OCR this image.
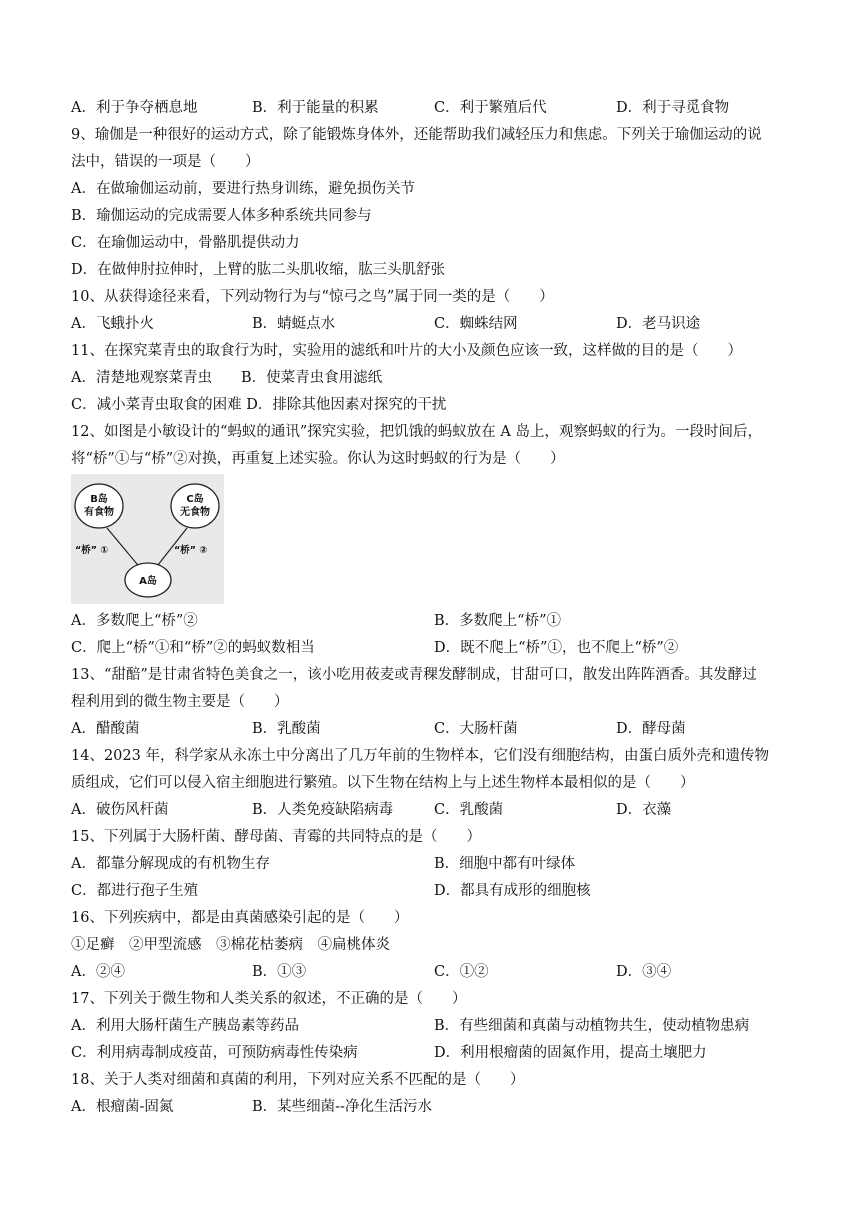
A．利于争夺栖息地	B．利于能量的积累	C．利于繁殖后代	D．利于寻觅食物
9、瑜伽是一种很好的运动方式，除了能锻炼身体外，还能帮助我们减轻压力和焦虑。下列关于瑜伽运动的说
法中，错误的一项是（　　）
A．在做瑜伽运动前，要进行热身训练，避免损伤关节
B．瑜伽运动的完成需要人体多种系统共同参与
C．在瑜伽运动中，骨骼肌提供动力
D．在做伸肘拉伸时，上臂的肱二头肌收缩，肱三头肌舒张
10、从获得途径来看，下列动物行为与“惊弓之鸟”属于同一类的是（　　）
A．飞蛾扑火	B．蜻蜓点水	C．蜘蛛结网	D．老马识途
11、在探究菜青虫的取食行为时，实验用的滤纸和叶片的大小及颜色应该一致，这样做的目的是（　　）
A．清楚地观察菜青虫　　B．使菜青虫食用滤纸
C．减小菜青虫取食的困难 D．排除其他因素对探究的干扰
12、如图是小敏设计的“蚂蚁的通讯”探究实验，把饥饿的蚂蚁放在 A 岛上，观察蚂蚁的行为。一段时间后，
将“桥”①与“桥”②对换，再重复上述实验。你认为这时蚂蚁的行为是（　　）
B岛
有食物
C岛
无食物
A岛
“桥” ①	“桥” ②
A．多数爬上“桥”②	B．多数爬上“桥”①
C．爬上“桥”①和“桥”②的蚂蚁数相当	D．既不爬上“桥”①，也不爬上“桥”②
13、“甜醅”是甘肃省特色美食之一，该小吃用莜麦或青稞发酵制成，甘甜可口，散发出阵阵酒香。其发酵过
程利用到的微生物主要是（　　）
A．醋酸菌	B．乳酸菌	C．大肠杆菌	D．酵母菌
14、2023 年，科学家从永冻土中分离出了几万年前的生物样本，它们没有细胞结构，由蛋白质外壳和遗传物
质组成，它们可以侵入宿主细胞进行繁殖。以下生物在结构上与上述生物样本最相似的是（　　）
A．破伤风杆菌	B．人类免疫缺陷病毒	C．乳酸菌	D．衣藻
15、下列属于大肠杆菌、酵母菌、青霉的共同特点的是（　　）
A．都靠分解现成的有机物生存	B．细胞中都有叶绿体
C．都进行孢子生殖	D．都具有成形的细胞核
16、下列疾病中，都是由真菌感染引起的是（　　）
①足癣　②甲型流感　③棉花枯萎病　④扁桃体炎
A．②④	B．①③	C．①②	D．③④
17、下列关于微生物和人类关系的叙述，不正确的是（　　）
A．利用大肠杆菌生产胰岛素等药品	B．有些细菌和真菌与动植物共生，使动植物患病
C．利用病毒制成疫苗，可预防病毒性传染病	D．利用根瘤菌的固氮作用，提高土壤肥力
18、关于人类对细菌和真菌的利用，下列对应关系不匹配的是（　　）
A．根瘤菌-固氮	B．某些细菌--净化生活污水
